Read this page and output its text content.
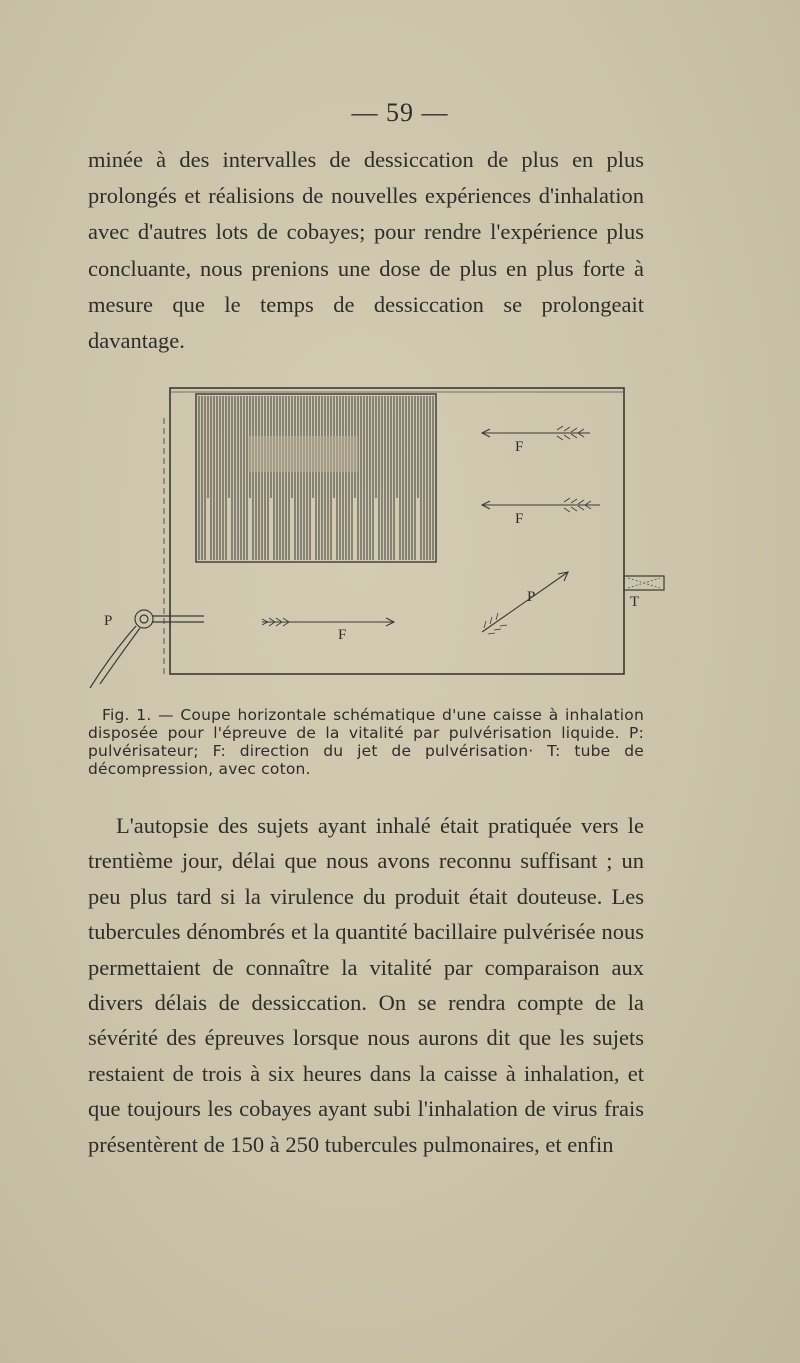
— 59 —

minée à des intervalles de dessiccation de plus en plus prolongés et réalisions de nouvelles expériences d'inhalation avec d'autres lots de cobayes; pour rendre l'expérience plus concluante, nous prenions une dose de plus en plus forte à mesure que le temps de dessiccation se prolongeait davantage.

T
F
F
F
P
P

Fig. 1. — Coupe horizontale schématique d'une caisse à inhalation disposée pour l'épreuve de la vitalité par pulvérisation liquide. P: pulvérisateur; F: direction du jet de pulvérisation· T: tube de décompression, avec coton.

L'autopsie des sujets ayant inhalé était pratiquée vers le trentième jour, délai que nous avons reconnu suffisant ; un peu plus tard si la virulence du produit était douteuse. Les tubercules dénombrés et la quantité bacillaire pulvérisée nous permettaient de connaître la vitalité par comparaison aux divers délais de dessiccation. On se rendra compte de la sévérité des épreuves lorsque nous aurons dit que les sujets restaient de trois à six heures dans la caisse à inhalation, et que toujours les cobayes ayant subi l'inhalation de virus frais présentèrent de 150 à 250 tubercules pulmonaires, et enfin
